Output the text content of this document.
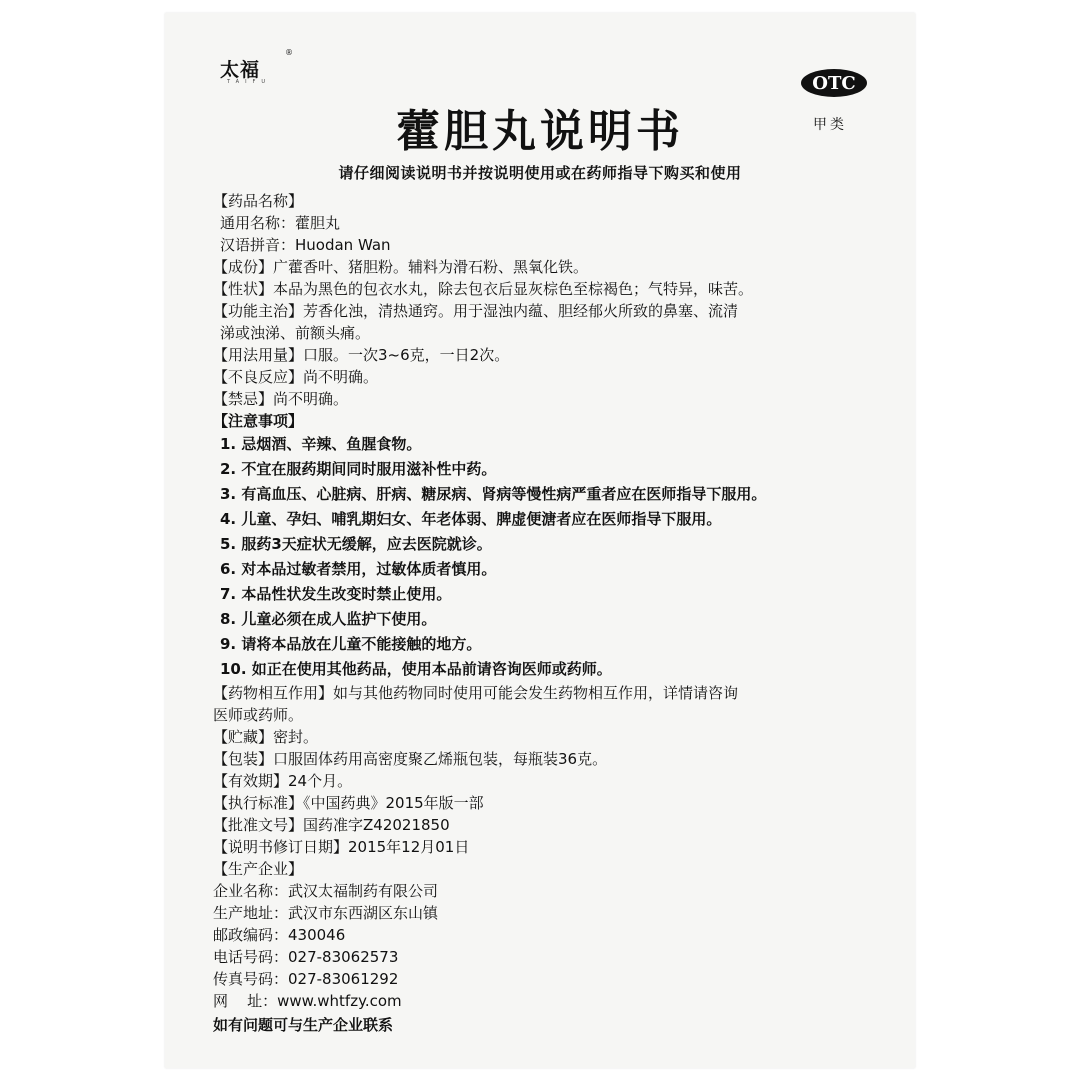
太福
®
TAIFU	OTC
甲类
藿胆丸说明书
请仔细阅读说明书并按说明使用或在药师指导下购买和使用
【药品名称】
通用名称：藿胆丸
汉语拼音：Huodan Wan
【成份】广藿香叶、猪胆粉。辅料为滑石粉、黑氧化铁。
【性状】本品为黑色的包衣水丸，除去包衣后显灰棕色至棕褐色；气特异，味苦。
【功能主治】芳香化浊，清热通窍。用于湿浊内蕴、胆经郁火所致的鼻塞、流清
涕或浊涕、前额头痛。
【用法用量】口服。一次3~6克，一日2次。
【不良反应】尚不明确。
【禁忌】尚不明确。
【注意事项】
1. 忌烟酒、辛辣、鱼腥食物。
2. 不宜在服药期间同时服用滋补性中药。
3. 有高血压、心脏病、肝病、糖尿病、肾病等慢性病严重者应在医师指导下服用。
4. 儿童、孕妇、哺乳期妇女、年老体弱、脾虚便溏者应在医师指导下服用。
5. 服药3天症状无缓解，应去医院就诊。
6. 对本品过敏者禁用，过敏体质者慎用。
7. 本品性状发生改变时禁止使用。
8. 儿童必须在成人监护下使用。
9. 请将本品放在儿童不能接触的地方。
10. 如正在使用其他药品，使用本品前请咨询医师或药师。
【药物相互作用】如与其他药物同时使用可能会发生药物相互作用，详情请咨询
医师或药师。
【贮藏】密封。
【包装】口服固体药用高密度聚乙烯瓶包装，每瓶装36克。
【有效期】24个月。
【执行标准】《中国药典》2015年版一部
【批准文号】国药准字Z42021850
【说明书修订日期】2015年12月01日
【生产企业】
企业名称：武汉太福制药有限公司
生产地址：武汉市东西湖区东山镇
邮政编码：430046
电话号码：027-83062573
传真号码：027-83061292
网    址：www.whtfzy.com
如有问题可与生产企业联系
